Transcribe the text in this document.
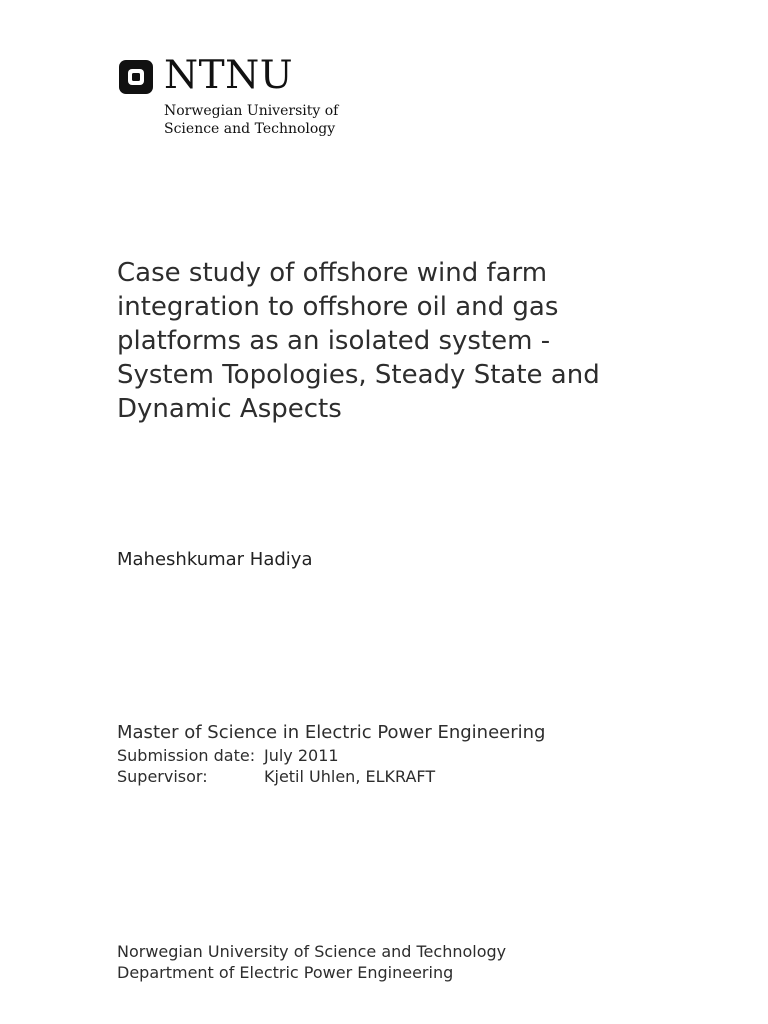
NTNU
Norwegian University of
Science and Technology
Case study of offshore wind farm
integration to offshore oil and gas
platforms as an isolated system -
System Topologies, Steady State and
Dynamic Aspects
Maheshkumar Hadiya
Master of Science in Electric Power Engineering
Submission date: July 2011
Supervisor:	Kjetil Uhlen, ELKRAFT
Norwegian University of Science and Technology
Department of Electric Power Engineering
